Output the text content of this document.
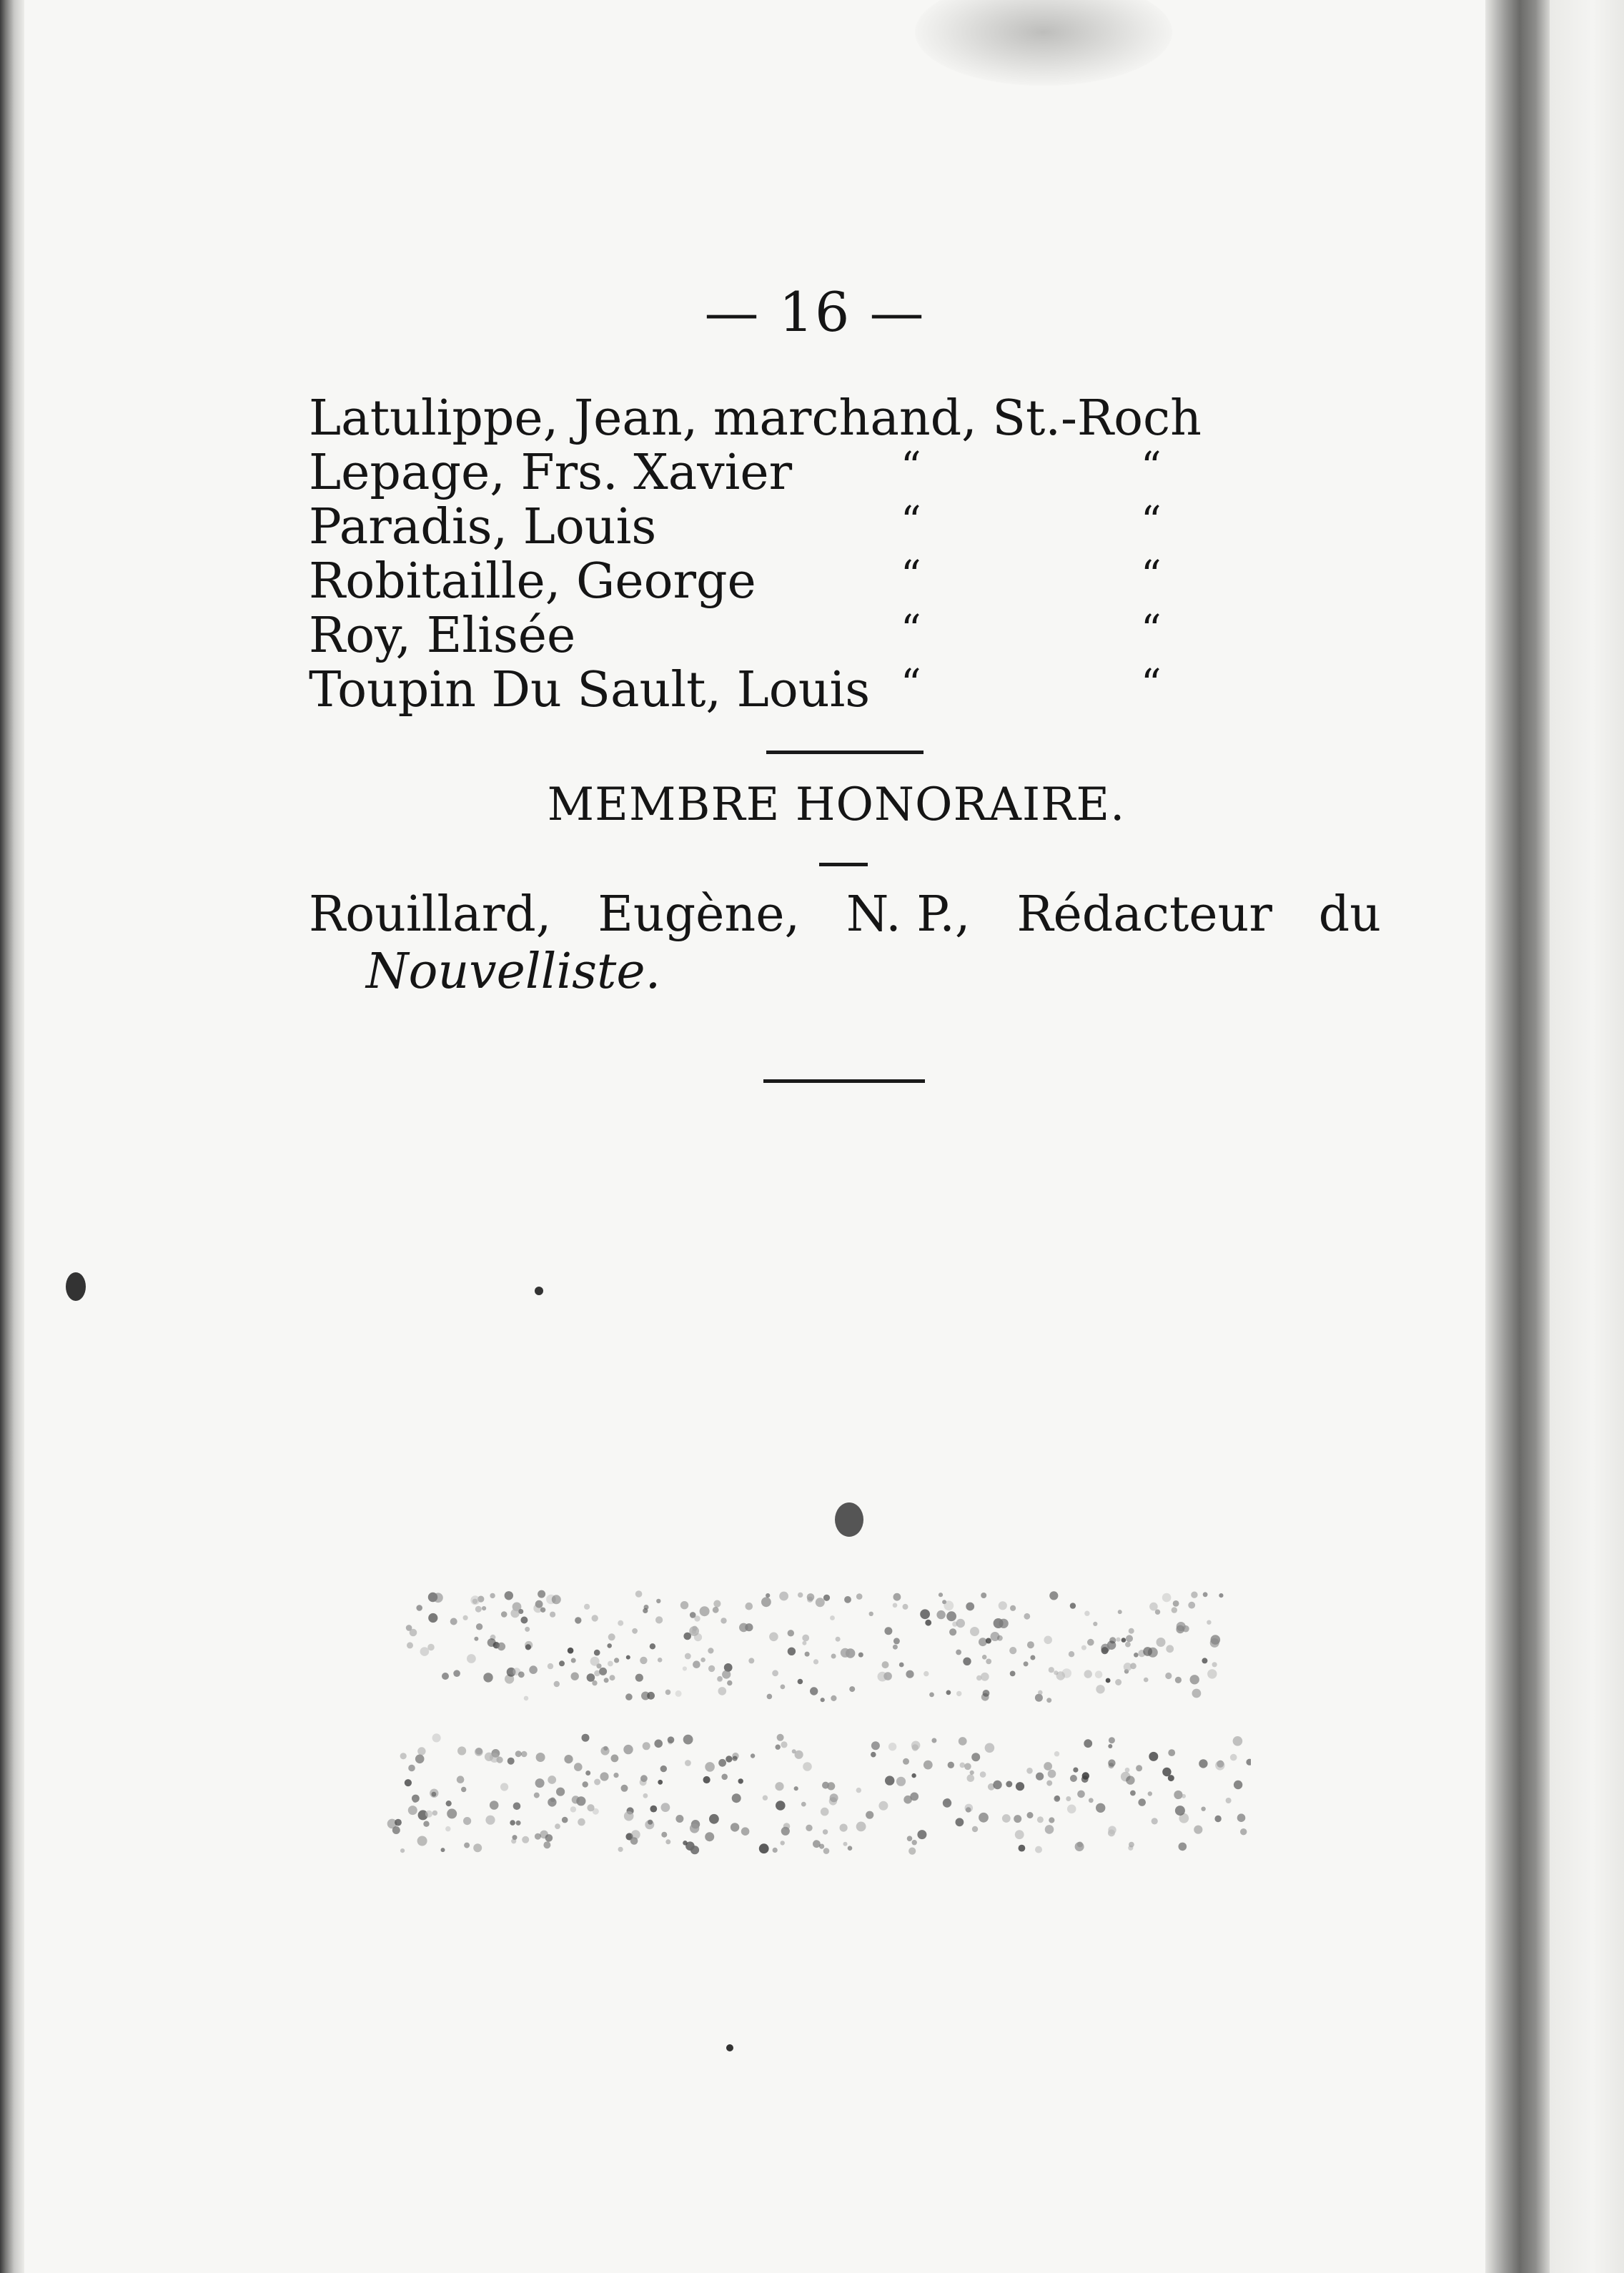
— 16 —
Latulippe, Jean, marchand, St.-Roch
Lepage, Frs. Xavier	“	“
Paradis, Louis	“	“
Robitaille, George	“	“
Roy, Elisée	“	“
Toupin Du Sault, Louis “	“
MEMBRE HONORAIRE.
Rouillard, Eugène, N. P., Rédacteur du
Nouvelliste.
